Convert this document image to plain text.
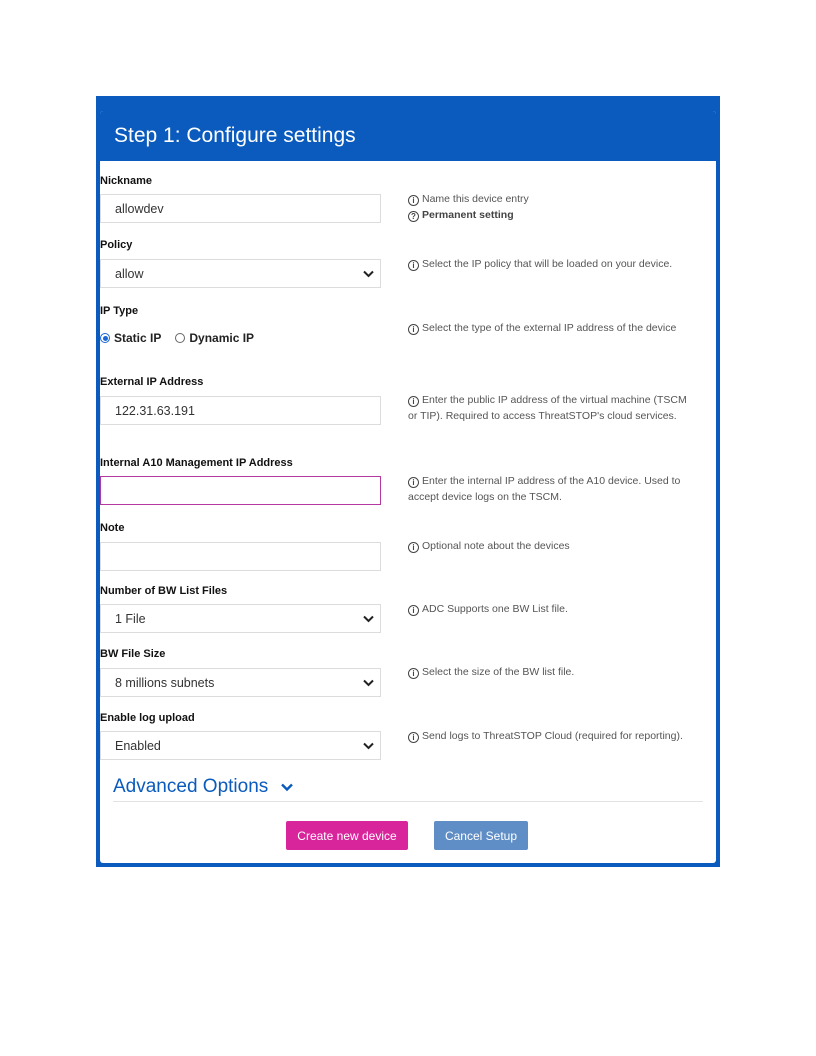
Step 1: Configure settings
Nickname
allowdev
i Name this device entry
? Permanent setting
Policy
allow
i Select the IP policy that will be loaded on your device.
IP Type
Static IP Dynamic IP
i Select the type of the external IP address of the device
External IP Address
122.31.63.191
i Enter the public IP address of the virtual machine (TSCM or TIP). Required to access ThreatSTOP's cloud services.
Internal A10 Management IP Address
i Enter the internal IP address of the A10 device. Used to accept device logs on the TSCM.
Note
i Optional note about the devices
Number of BW List Files
1 File
i ADC Supports one BW List file.
BW File Size
8 millions subnets
i Select the size of the BW list file.
Enable log upload
Enabled
i Send logs to ThreatSTOP Cloud (required for reporting).
Advanced Options
Create new device	Cancel Setup
